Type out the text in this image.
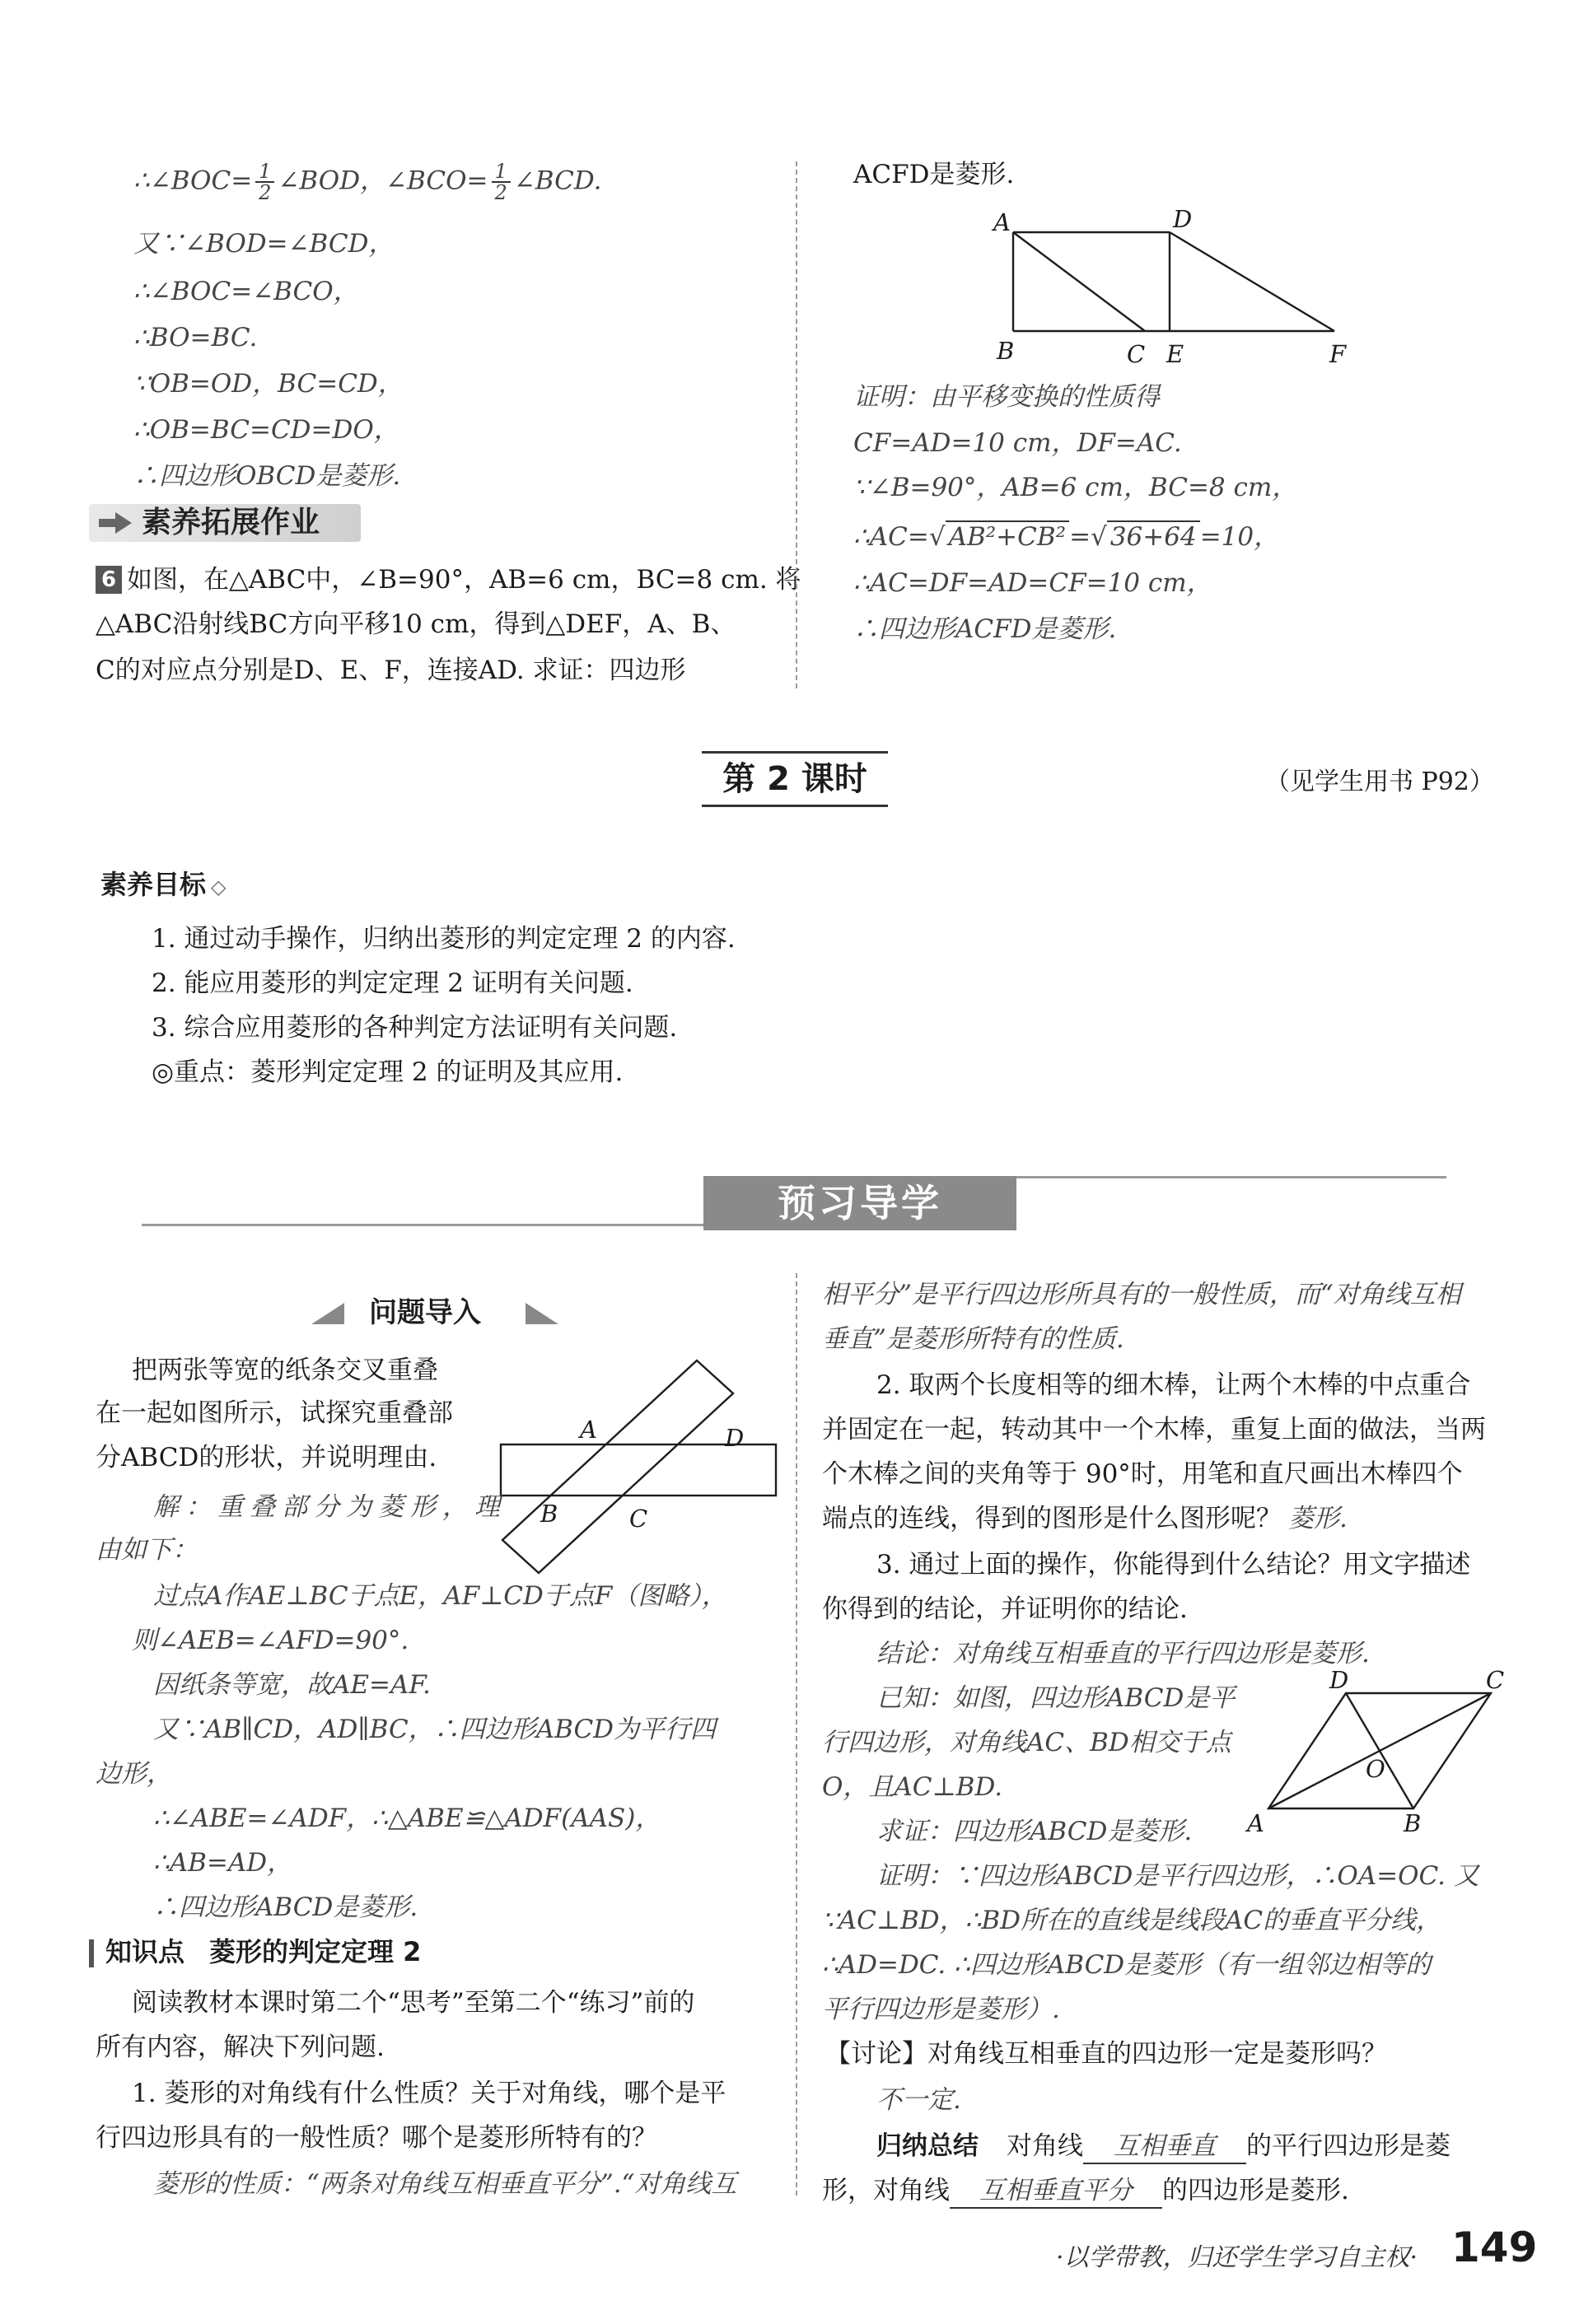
∴∠BOC= $\frac{1}{2}$ ∠BOD，∠BCO= $\frac{1}{2}$ ∠BCD.
又∵∠BOD=∠BCD，
∴∠BOC=∠BCO，
∴BO=BC.
∵OB=OD，BC=CD，
∴OB=BC=CD=DO，
∴四边形OBCD是菱形.
素养拓展作业
6 如图，在△ABC中，∠B=90°，AB=6 cm，BC=8 cm. 将
△ABC沿射线BC方向平移10 cm，得到△DEF，A、B、
C的对应点分别是D、E、F，连接AD. 求证：四边形
ACFD是菱形.
A	D
B	C E	F
证明：由平移变换的性质得
CF=AD=10 cm，DF=AC.
∵∠B=90°，AB=6 cm，BC=8 cm，
∴AC=√ AB²+CB² =√ 36+64 =10，
∴AC=DF=AD=CF=10 cm，
∴四边形ACFD是菱形.
第 2 课时	（见学生用书 P92）
素养目标 ◇
1. 通过动手操作，归纳出菱形的判定定理 2 的内容.
2. 能应用菱形的判定定理 2 证明有关问题.
3. 综合应用菱形的各种判定方法证明有关问题.
◎重点：菱形判定定理 2 的证明及其应用.
预习导学
问题导入
把两张等宽的纸条交叉重叠
在一起如图所示，试探究重叠部
分ABCD的形状，并说明理由.
A	D
B	C
解：重叠部分为菱形，理
由如下：
过点A作AE⊥BC于点E，AF⊥CD于点F（图略），
则∠AEB=∠AFD=90°.
因纸条等宽，故AE=AF.
又∵AB∥CD，AD∥BC，∴四边形ABCD为平行四
边形，
∴∠ABE=∠ADF，∴△ABE≌△ADF(AAS)，
∴AB=AD，
∴四边形ABCD是菱形.
知识点 菱形的判定定理 2
阅读教材本课时第二个“思考”至第二个“练习”前的
所有内容，解决下列问题.
1. 菱形的对角线有什么性质？关于对角线，哪个是平
行四边形具有的一般性质？哪个是菱形所特有的？
菱形的性质：“两条对角线互相垂直平分”.“对角线互
相平分”是平行四边形所具有的一般性质，而“对角线互相
垂直”是菱形所特有的性质.
2. 取两个长度相等的细木棒，让两个木棒的中点重合
并固定在一起，转动其中一个木棒，重复上面的做法，当两
个木棒之间的夹角等于 90°时，用笔和直尺画出木棒四个
端点的连线，得到的图形是什么图形呢？ 菱形.
3. 通过上面的操作，你能得到什么结论？用文字描述
你得到的结论，并证明你的结论.
结论：对角线互相垂直的平行四边形是菱形.
已知：如图，四边形ABCD是平
行四边形，对角线AC、BD相交于点
O，且AC⊥BD.
求证：四边形ABCD是菱形.
D	C
A	B
O
证明：∵四边形ABCD是平行四边形，∴OA=OC. 又
∵AC⊥BD，∴BD所在的直线是线段AC的垂直平分线，
∴AD=DC. ∴四边形ABCD是菱形（有一组邻边相等的
平行四边形是菱形）.
【讨论】对角线互相垂直的四边形一定是菱形吗？
不一定.
归纳总结 对角线 互相垂直 的平行四边形是菱
形，对角线 互相垂直平分 的四边形是菱形.
·以学带教，归还学生学习自主权· 149
